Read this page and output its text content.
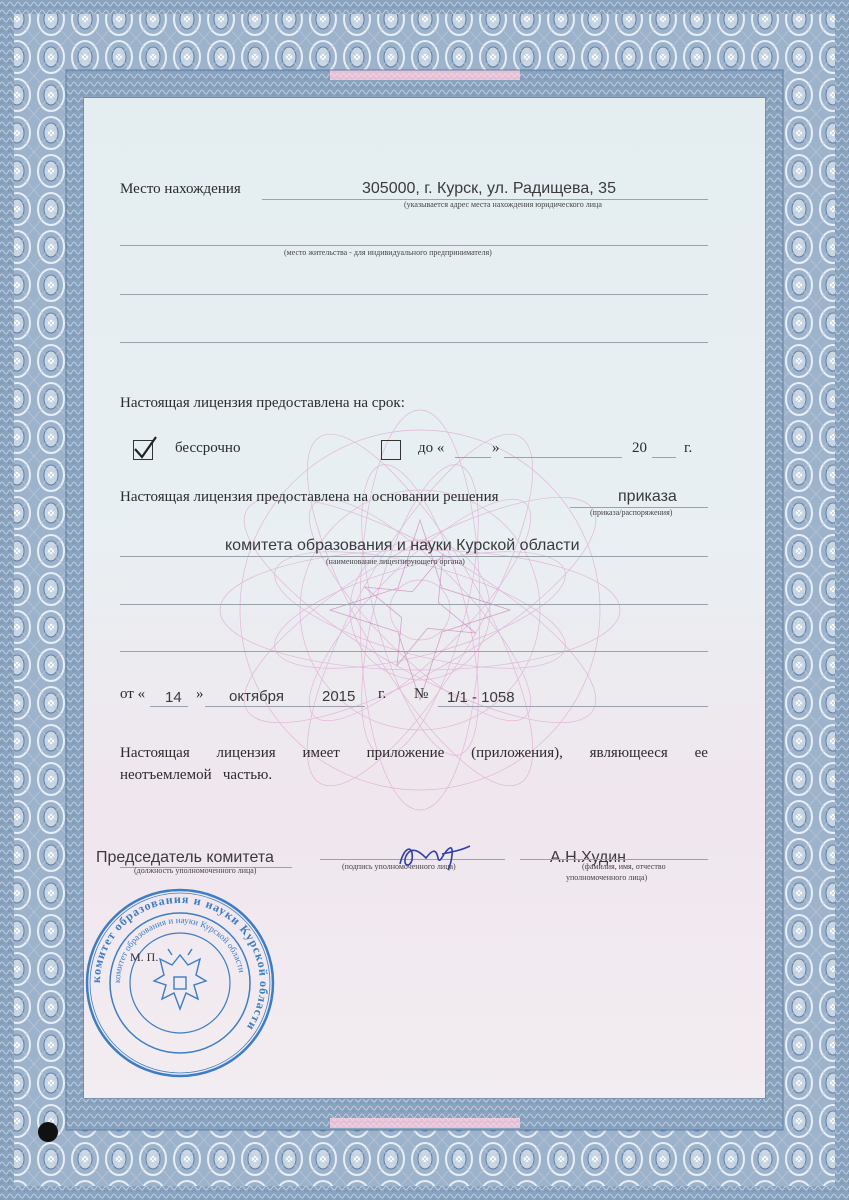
Место нахождения	305000, г. Курск, ул. Радищева, 35
(указывается адрес места нахождения юридического лица
(место жительства - для индивидуального предпринимателя)
Настоящая лицензия предоставлена на срок:
бессрочно	до «	»	20 г.
Настоящая лицензия предоставлена на основании решения	приказа
(приказа/распоряжения)
комитета образования и науки Курской области
(наименование лицензирующего органа)
от « 14 » октября	2015 г. № 1/1 - 1058
Настоящая лицензия имеет приложение (приложения), являющееся ее
неотъемлемой   частью.
Председатель комитета
(должность уполномоченного лица)	(подпись уполномоченного лица)
А.Н.Худин
(фамилия, имя, отчество
уполномоченного лица)
комитет образования и науки Курской области
комитет образования и науки Курской области
М. П.
